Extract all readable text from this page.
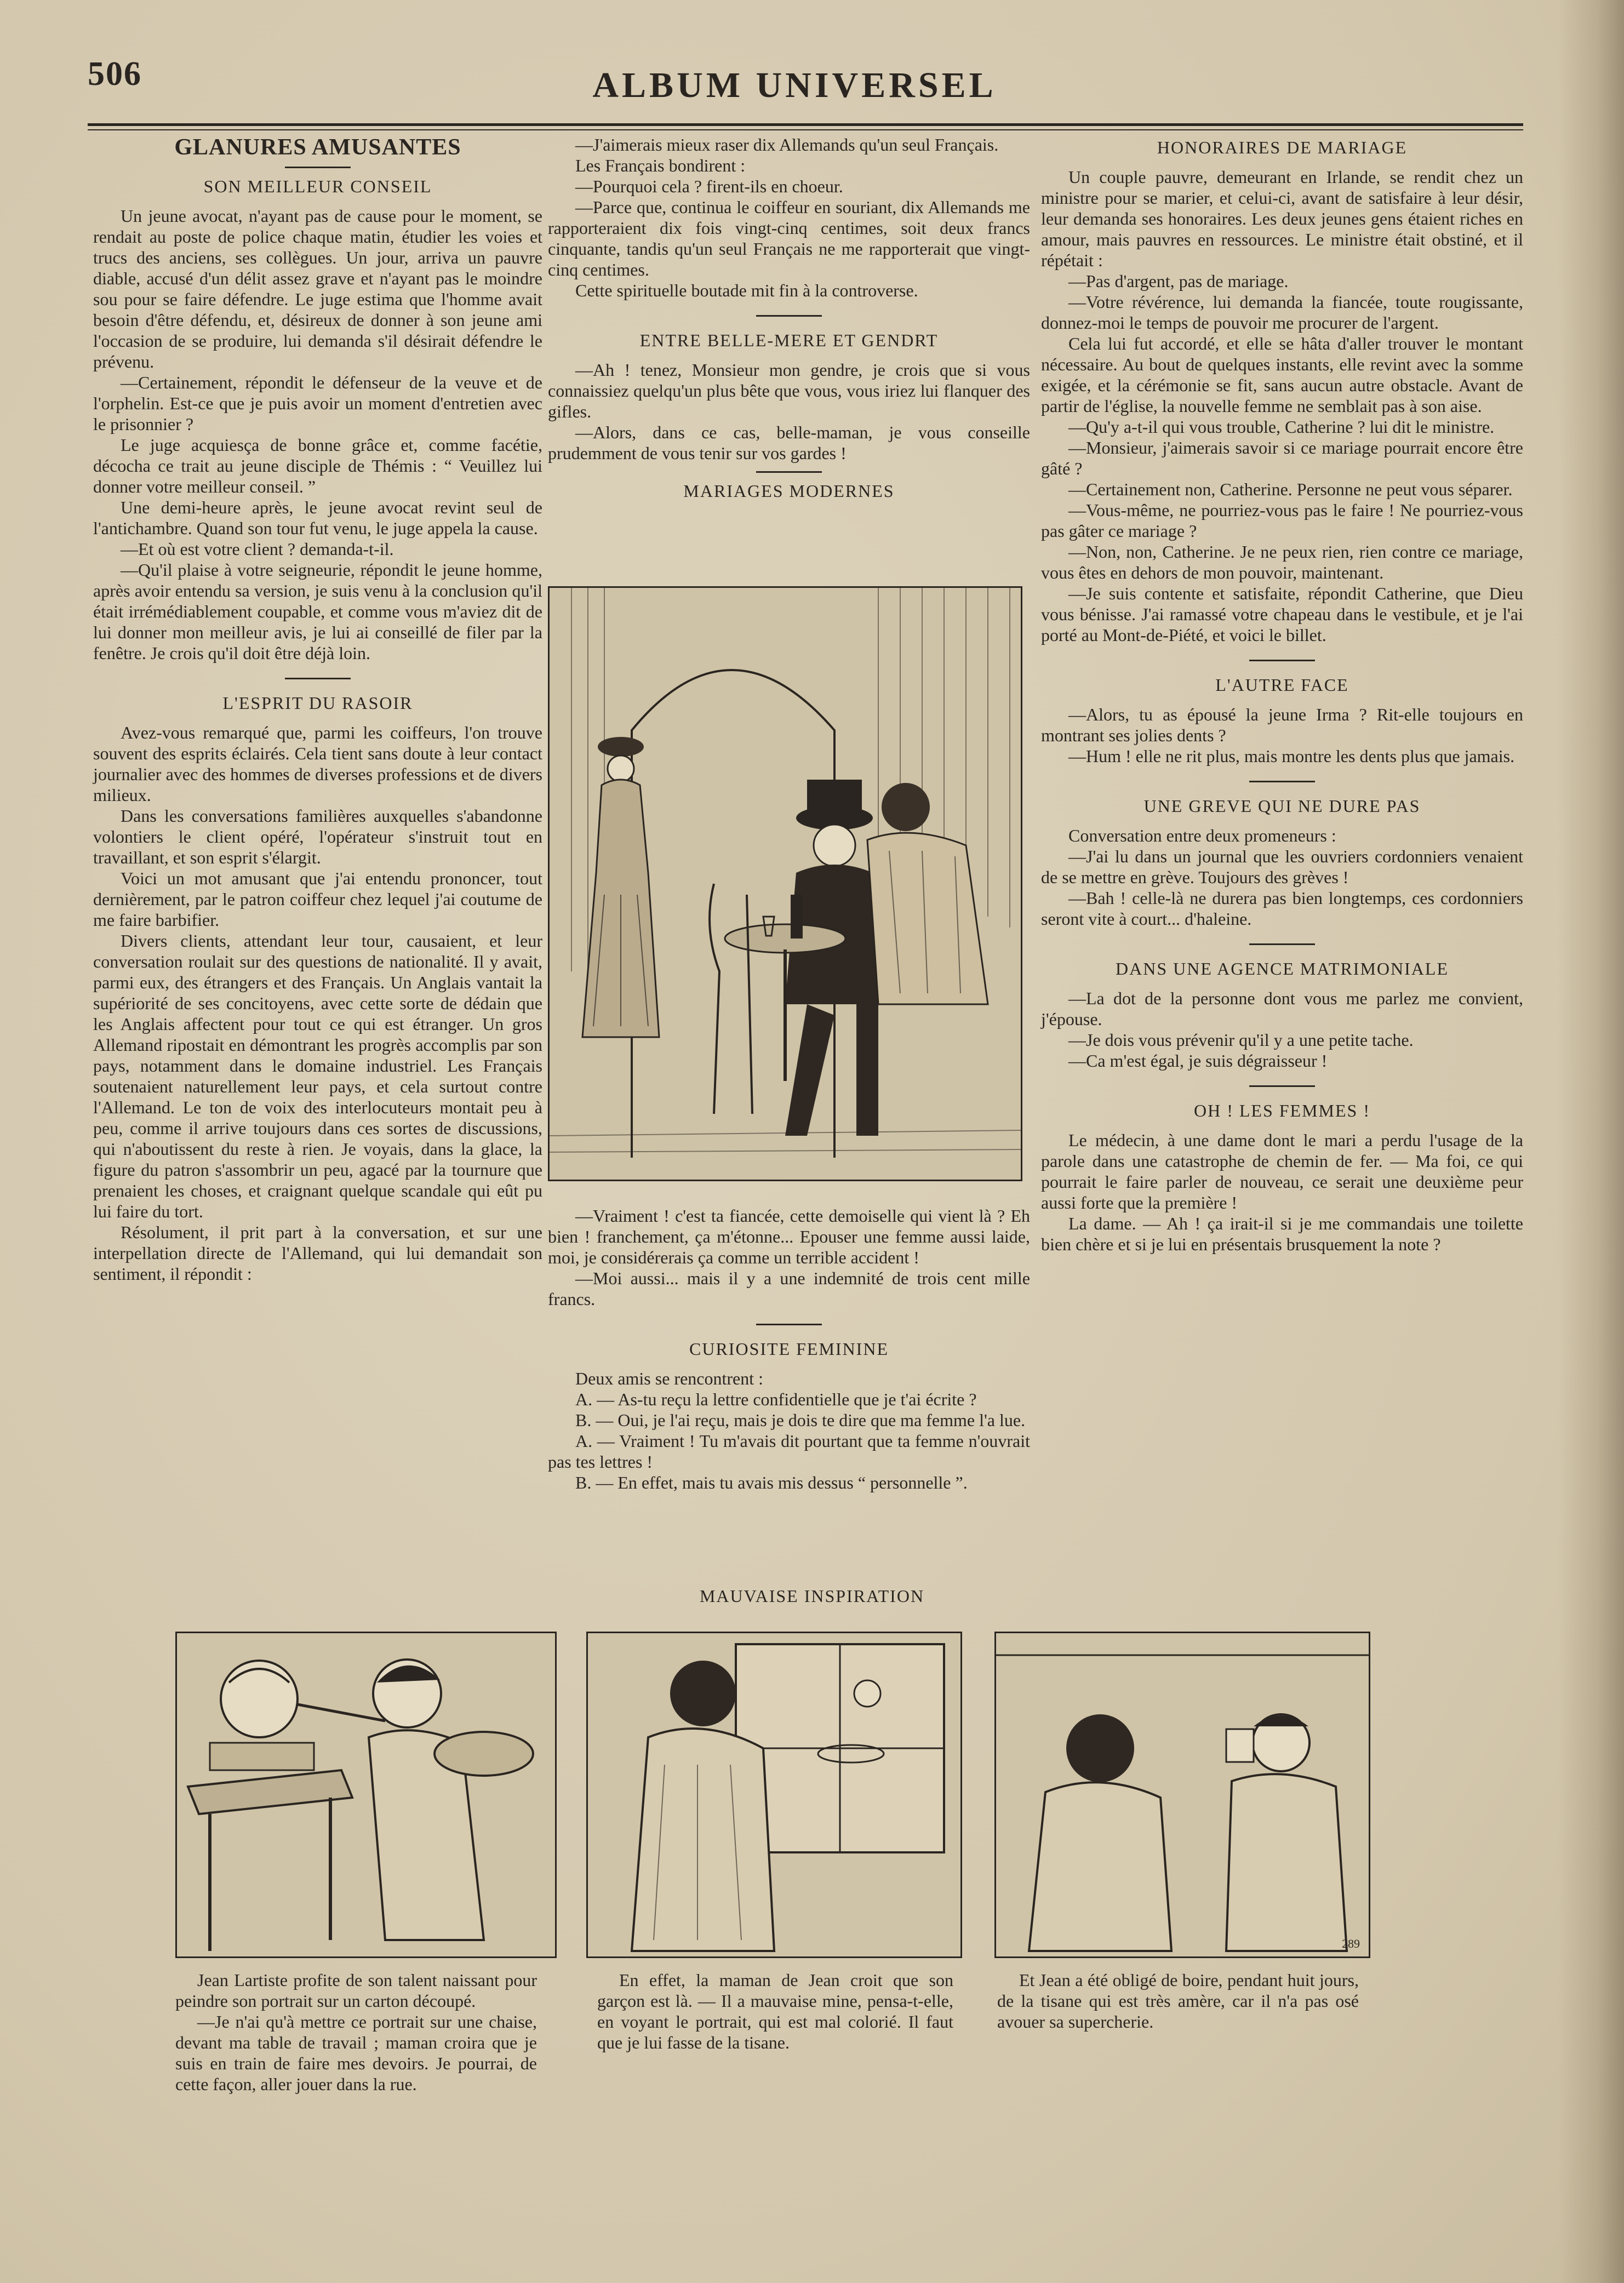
506	ALBUM UNIVERSEL
GLANURES AMUSANTES
SON MEILLEUR CONSEIL

Un jeune avocat, n'ayant pas de cause pour le moment, se rendait au poste de police chaque matin, étudier les voies et trucs des anciens, ses collègues. Un jour, arriva un pauvre diable, accusé d'un délit assez grave et n'ayant pas le moindre sou pour se faire défendre. Le juge estima que l'homme avait besoin d'être défendu, et, désireux de donner à son jeune ami l'occasion de se produire, lui demanda s'il désirait défendre le prévenu.

—Certainement, répondit le défenseur de la veuve et de l'orphelin. Est-ce que je puis avoir un moment d'entretien avec le prisonnier ?

Le juge acquiesça de bonne grâce et, comme facétie, décocha ce trait au jeune disciple de Thémis : “ Veuillez lui donner votre meilleur conseil. ”

Une demi-heure après, le jeune avocat revint seul de l'antichambre. Quand son tour fut venu, le juge appela la cause.

—Et où est votre client ? demanda-t-il.

—Qu'il plaise à votre seigneurie, répondit le jeune homme, après avoir entendu sa version, je suis venu à la conclusion qu'il était irrémédiablement coupable, et comme vous m'aviez dit de lui donner mon meilleur avis, je lui ai conseillé de filer par la fenêtre. Je crois qu'il doit être déjà loin.

L'ESPRIT DU RASOIR

Avez-vous remarqué que, parmi les coiffeurs, l'on trouve souvent des esprits éclairés. Cela tient sans doute à leur contact journalier avec des hommes de diverses professions et de divers milieux.

Dans les conversations familières auxquelles s'abandonne volontiers le client opéré, l'opérateur s'instruit tout en travaillant, et son esprit s'élargit.

Voici un mot amusant que j'ai entendu prononcer, tout dernièrement, par le patron coiffeur chez lequel j'ai coutume de me faire barbifier.

Divers clients, attendant leur tour, causaient, et leur conversation roulait sur des questions de nationalité. Il y avait, parmi eux, des étrangers et des Français. Un Anglais vantait la supériorité de ses concitoyens, avec cette sorte de dédain que les Anglais affectent pour tout ce qui est étranger. Un gros Allemand ripostait en démontrant les progrès accomplis par son pays, notamment dans le domaine industriel. Les Français soutenaient naturellement leur pays, et cela surtout contre l'Allemand. Le ton de voix des interlocuteurs montait peu à peu, comme il arrive toujours dans ces sortes de discussions, qui n'aboutissent du reste à rien. Je voyais, dans la glace, la figure du patron s'assombrir un peu, agacé par la tournure que prenaient les choses, et craignant quelque scandale qui eût pu lui faire du tort.

Résolument, il prit part à la conversation, et sur une interpellation directe de l'Allemand, qui lui demandait son sentiment, il répondit :

—J'aimerais mieux raser dix Allemands qu'un seul Français.

Les Français bondirent :

—Pourquoi cela ? firent-ils en choeur.

—Parce que, continua le coiffeur en souriant, dix Allemands me rapporteraient dix fois vingt-cinq centimes, soit deux francs cinquante, tandis qu'un seul Français ne me rapporterait que vingt-cinq centimes.

Cette spirituelle boutade mit fin à la controverse.

ENTRE BELLE-MERE ET GENDRT

—Ah ! tenez, Monsieur mon gendre, je crois que si vous connaissiez quelqu'un plus bête que vous, vous iriez lui flanquer des gifles.

—Alors, dans ce cas, belle-maman, je vous conseille prudemment de vous tenir sur vos gardes !

MARIAGES MODERNES

—Vraiment ! c'est ta fiancée, cette demoiselle qui vient là ? Eh bien ! franchement, ça m'étonne... Epouser une femme aussi laide, moi, je considérerais ça comme un terrible accident !

—Moi aussi... mais il y a une indemnité de trois cent mille francs.

CURIOSITE FEMININE

Deux amis se rencontrent :

A. — As-tu reçu la lettre confidentielle que je t'ai écrite ?

B. — Oui, je l'ai reçu, mais je dois te dire que ma femme l'a lue.

A. — Vraiment ! Tu m'avais dit pourtant que ta femme n'ouvrait pas tes lettres !

B. — En effet, mais tu avais mis dessus “ personnelle ”.

HONORAIRES DE MARIAGE

Un couple pauvre, demeurant en Irlande, se rendit chez un ministre pour se marier, et celui-ci, avant de satisfaire à leur désir, leur demanda ses honoraires. Les deux jeunes gens étaient riches en amour, mais pauvres en ressources. Le ministre était obstiné, et il répétait :

—Pas d'argent, pas de mariage.

—Votre révérence, lui demanda la fiancée, toute rougissante, donnez-moi le temps de pouvoir me procurer de l'argent.

Cela lui fut accordé, et elle se hâta d'aller trouver le montant nécessaire. Au bout de quelques instants, elle revint avec la somme exigée, et la cérémonie se fit, sans aucun autre obstacle. Avant de partir de l'église, la nouvelle femme ne semblait pas à son aise.

—Qu'y a-t-il qui vous trouble, Catherine ? lui dit le ministre.

—Monsieur, j'aimerais savoir si ce mariage pourrait encore être gâté ?

—Certainement non, Catherine. Personne ne peut vous séparer.

—Vous-même, ne pourriez-vous pas le faire ! Ne pourriez-vous pas gâter ce mariage ?

—Non, non, Catherine. Je ne peux rien, rien contre ce mariage, vous êtes en dehors de mon pouvoir, maintenant.

—Je suis contente et satisfaite, répondit Catherine, que Dieu vous bénisse. J'ai ramassé votre chapeau dans le vestibule, et je l'ai porté au Mont-de-Piété, et voici le billet.

L'AUTRE FACE

—Alors, tu as épousé la jeune Irma ? Rit-elle toujours en montrant ses jolies dents ?

—Hum ! elle ne rit plus, mais montre les dents plus que jamais.

UNE GREVE QUI NE DURE PAS

Conversation entre deux promeneurs :

—J'ai lu dans un journal que les ouvriers cordonniers venaient de se mettre en grève. Toujours des grèves !

—Bah ! celle-là ne durera pas bien longtemps, ces cordonniers seront vite à court... d'haleine.

DANS UNE AGENCE MATRIMONIALE

—La dot de la personne dont vous me parlez me convient, j'épouse.

—Je dois vous prévenir qu'il y a une petite tache.

—Ca m'est égal, je suis dégraisseur !

OH ! LES FEMMES !

Le médecin, à une dame dont le mari a perdu l'usage de la parole dans une catastrophe de chemin de fer. — Ma foi, ce qui pourrait le faire parler de nouveau, ce serait une deuxième peur aussi forte que la première !

La dame. — Ah ! ça irait-il si je me commandais une toilette bien chère et si je lui en présentais brusquement la note ?

MAUVAISE INSPIRATION
289

Jean Lartiste profite de son talent naissant pour peindre son portrait sur un carton découpé.

—Je n'ai qu'à mettre ce portrait sur une chaise, devant ma table de travail ; maman croira que je suis en train de faire mes devoirs. Je pourrai, de cette façon, aller jouer dans la rue.

En effet, la maman de Jean croit que son garçon est là. — Il a mauvaise mine, pensa-t-elle, en voyant le portrait, qui est mal colorié. Il faut que je lui fasse de la tisane.

Et Jean a été obligé de boire, pendant huit jours, de la tisane qui est très amère, car il n'a pas osé avouer sa supercherie.
